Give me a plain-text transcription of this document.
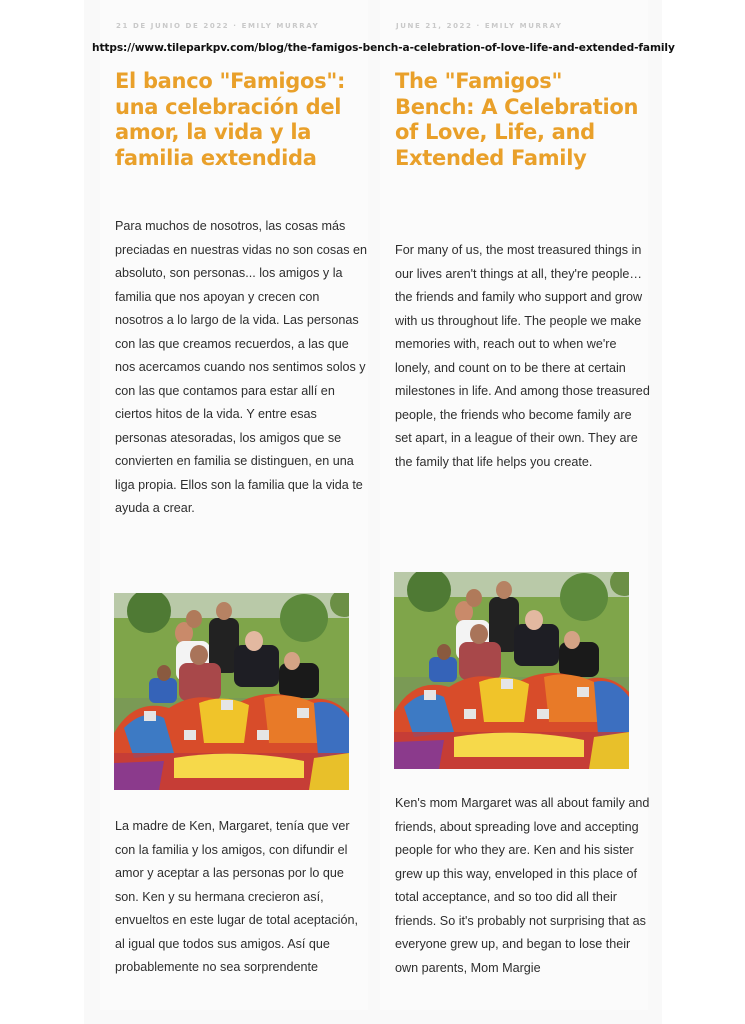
21 DE JUNIO DE 2022 · EMILY MURRAY	JUNE 21, 2022 · EMILY MURRAY
https://www.tileparkpv.com/blog/the-famigos-bench-a-celebration-of-love-life-and-extended-family
El banco "Famigos": una celebración del amor, la vida y la familia extendida
The "Famigos" Bench: A Celebration of Love, Life, and Extended Family

Para muchos de nosotros, las cosas más preciadas en nuestras vidas no son cosas en absoluto, son personas... los amigos y la familia que nos apoyan y crecen con nosotros a lo largo de la vida. Las personas con las que creamos recuerdos, a las que nos acercamos cuando nos sentimos solos y con las que contamos para estar allí en ciertos hitos de la vida. Y entre esas personas atesoradas, los amigos que se convierten en familia se distinguen, en una liga propia. Ellos son la familia que la vida te ayuda a crear.

For many of us, the most treasured things in our lives aren't things at all, they're people… the friends and family who support and grow with us throughout life. The people we make memories with, reach out to when we're lonely, and count on to be there at certain milestones in life. And among those treasured people, the friends who become family are set apart, in a league of their own. They are the family that life helps you create.

La madre de Ken, Margaret, tenía que ver con la familia y los amigos, con difundir el amor y aceptar a las personas por lo que son. Ken y su hermana crecieron así, envueltos en este lugar de total aceptación, al igual que todos sus amigos. Así que probablemente no sea sorprendente

Ken's mom Margaret was all about family and friends, about spreading love and accepting people for who they are. Ken and his sister grew up this way, enveloped in this place of total acceptance, and so too did all their friends. So it's probably not surprising that as everyone grew up, and began to lose their own parents, Mom Margie
